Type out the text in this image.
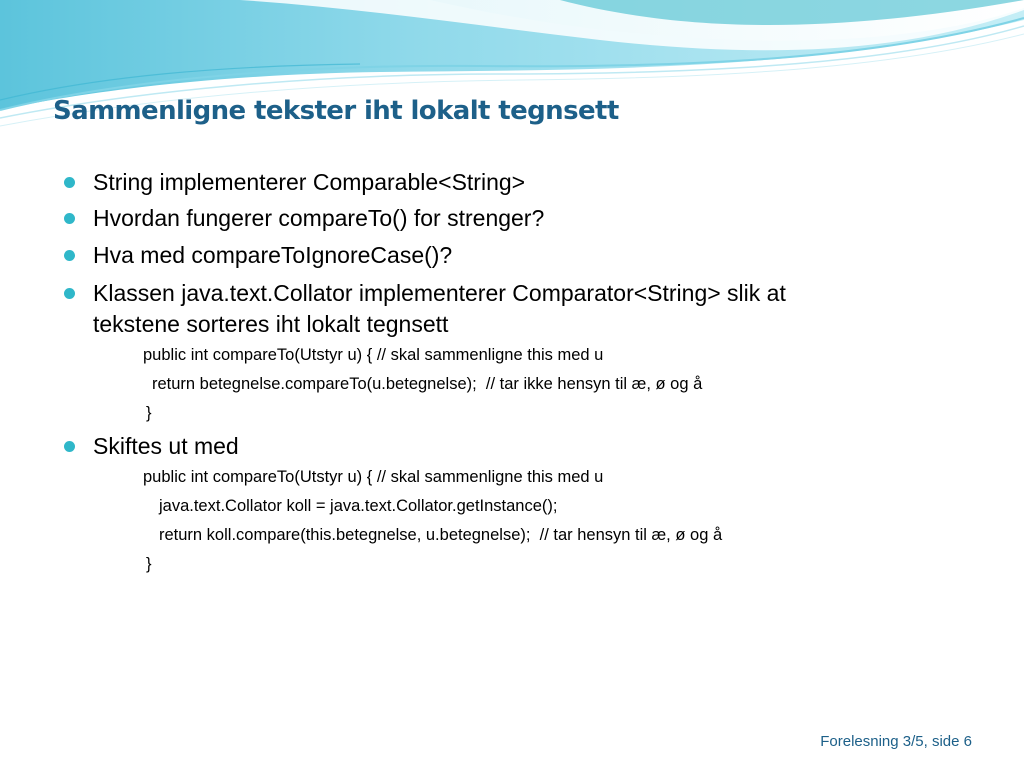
Sammenligne tekster iht lokalt tegnsett
String implementerer Comparable<String>
Hvordan fungerer compareTo() for strenger?
Hva med compareToIgnoreCase()?
Klassen java.text.Collator implementerer Comparator<String> slik at
tekstene sorteres iht lokalt tegnsett
public int compareTo(Utstyr u) { // skal sammenligne this med u
return betegnelse.compareTo(u.betegnelse);  // tar ikke hensyn til æ, ø og å
}
Skiftes ut med
public int compareTo(Utstyr u) { // skal sammenligne this med u
java.text.Collator koll = java.text.Collator.getInstance();
return koll.compare(this.betegnelse, u.betegnelse);  // tar hensyn til æ, ø og å
}
Forelesning 3/5, side 6
